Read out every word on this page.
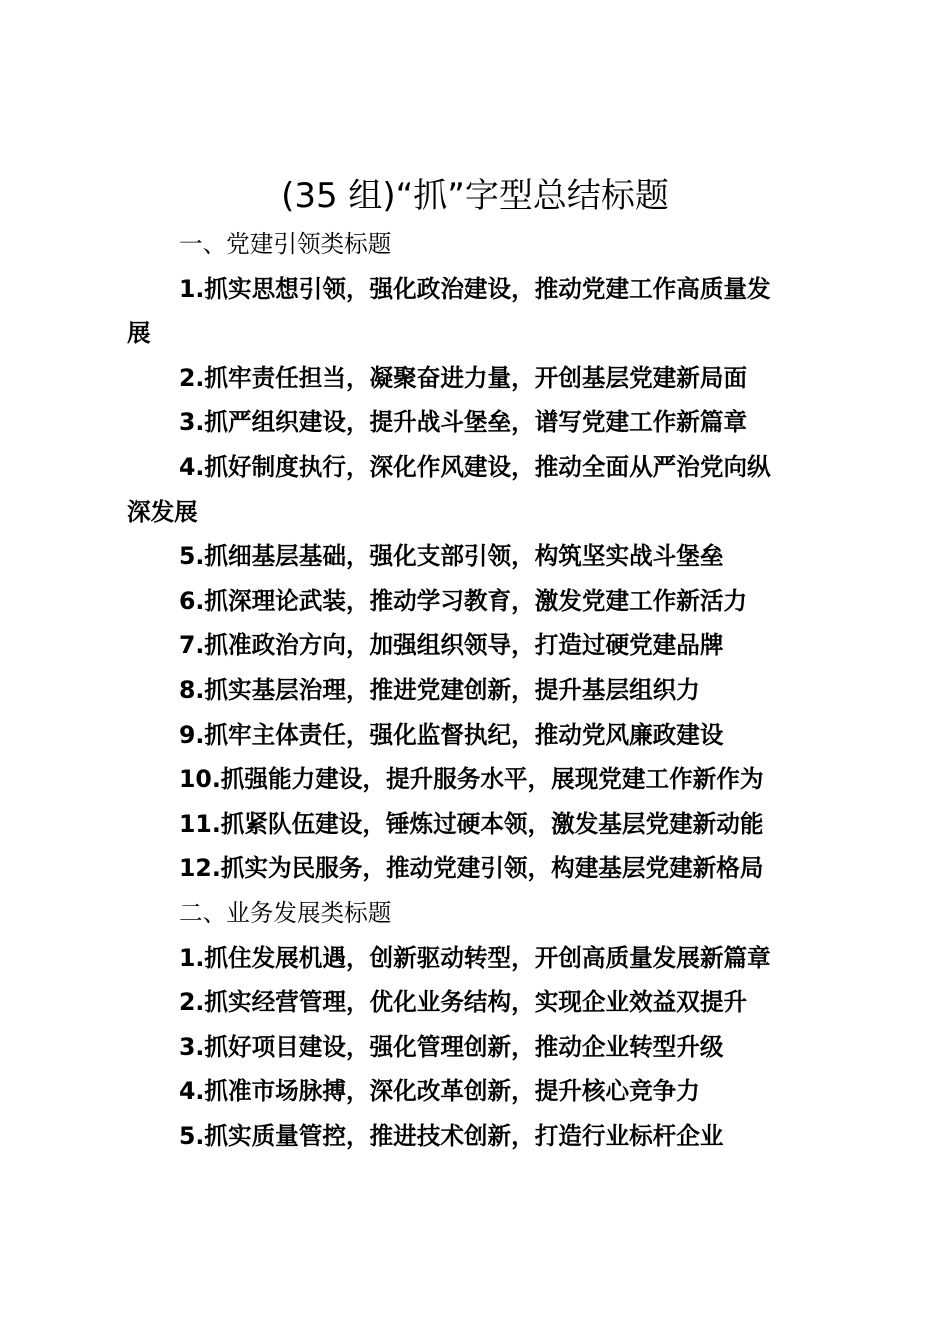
(35 组)“抓”字型总结标题

一、党建引领类标题

1.抓实思想引领，强化政治建设，推动党建工作高质量发

展

2.抓牢责任担当，凝聚奋进力量，开创基层党建新局面

3.抓严组织建设，提升战斗堡垒，谱写党建工作新篇章

4.抓好制度执行，深化作风建设，推动全面从严治党向纵

深发展

5.抓细基层基础，强化支部引领，构筑坚实战斗堡垒

6.抓深理论武装，推动学习教育，激发党建工作新活力

7.抓准政治方向，加强组织领导，打造过硬党建品牌

8.抓实基层治理，推进党建创新，提升基层组织力

9.抓牢主体责任，强化监督执纪，推动党风廉政建设

10.抓强能力建设，提升服务水平，展现党建工作新作为

11.抓紧队伍建设，锤炼过硬本领，激发基层党建新动能

12.抓实为民服务，推动党建引领，构建基层党建新格局

二、业务发展类标题

1.抓住发展机遇，创新驱动转型，开创高质量发展新篇章

2.抓实经营管理，优化业务结构，实现企业效益双提升

3.抓好项目建设，强化管理创新，推动企业转型升级

4.抓准市场脉搏，深化改革创新，提升核心竞争力

5.抓实质量管控，推进技术创新，打造行业标杆企业
